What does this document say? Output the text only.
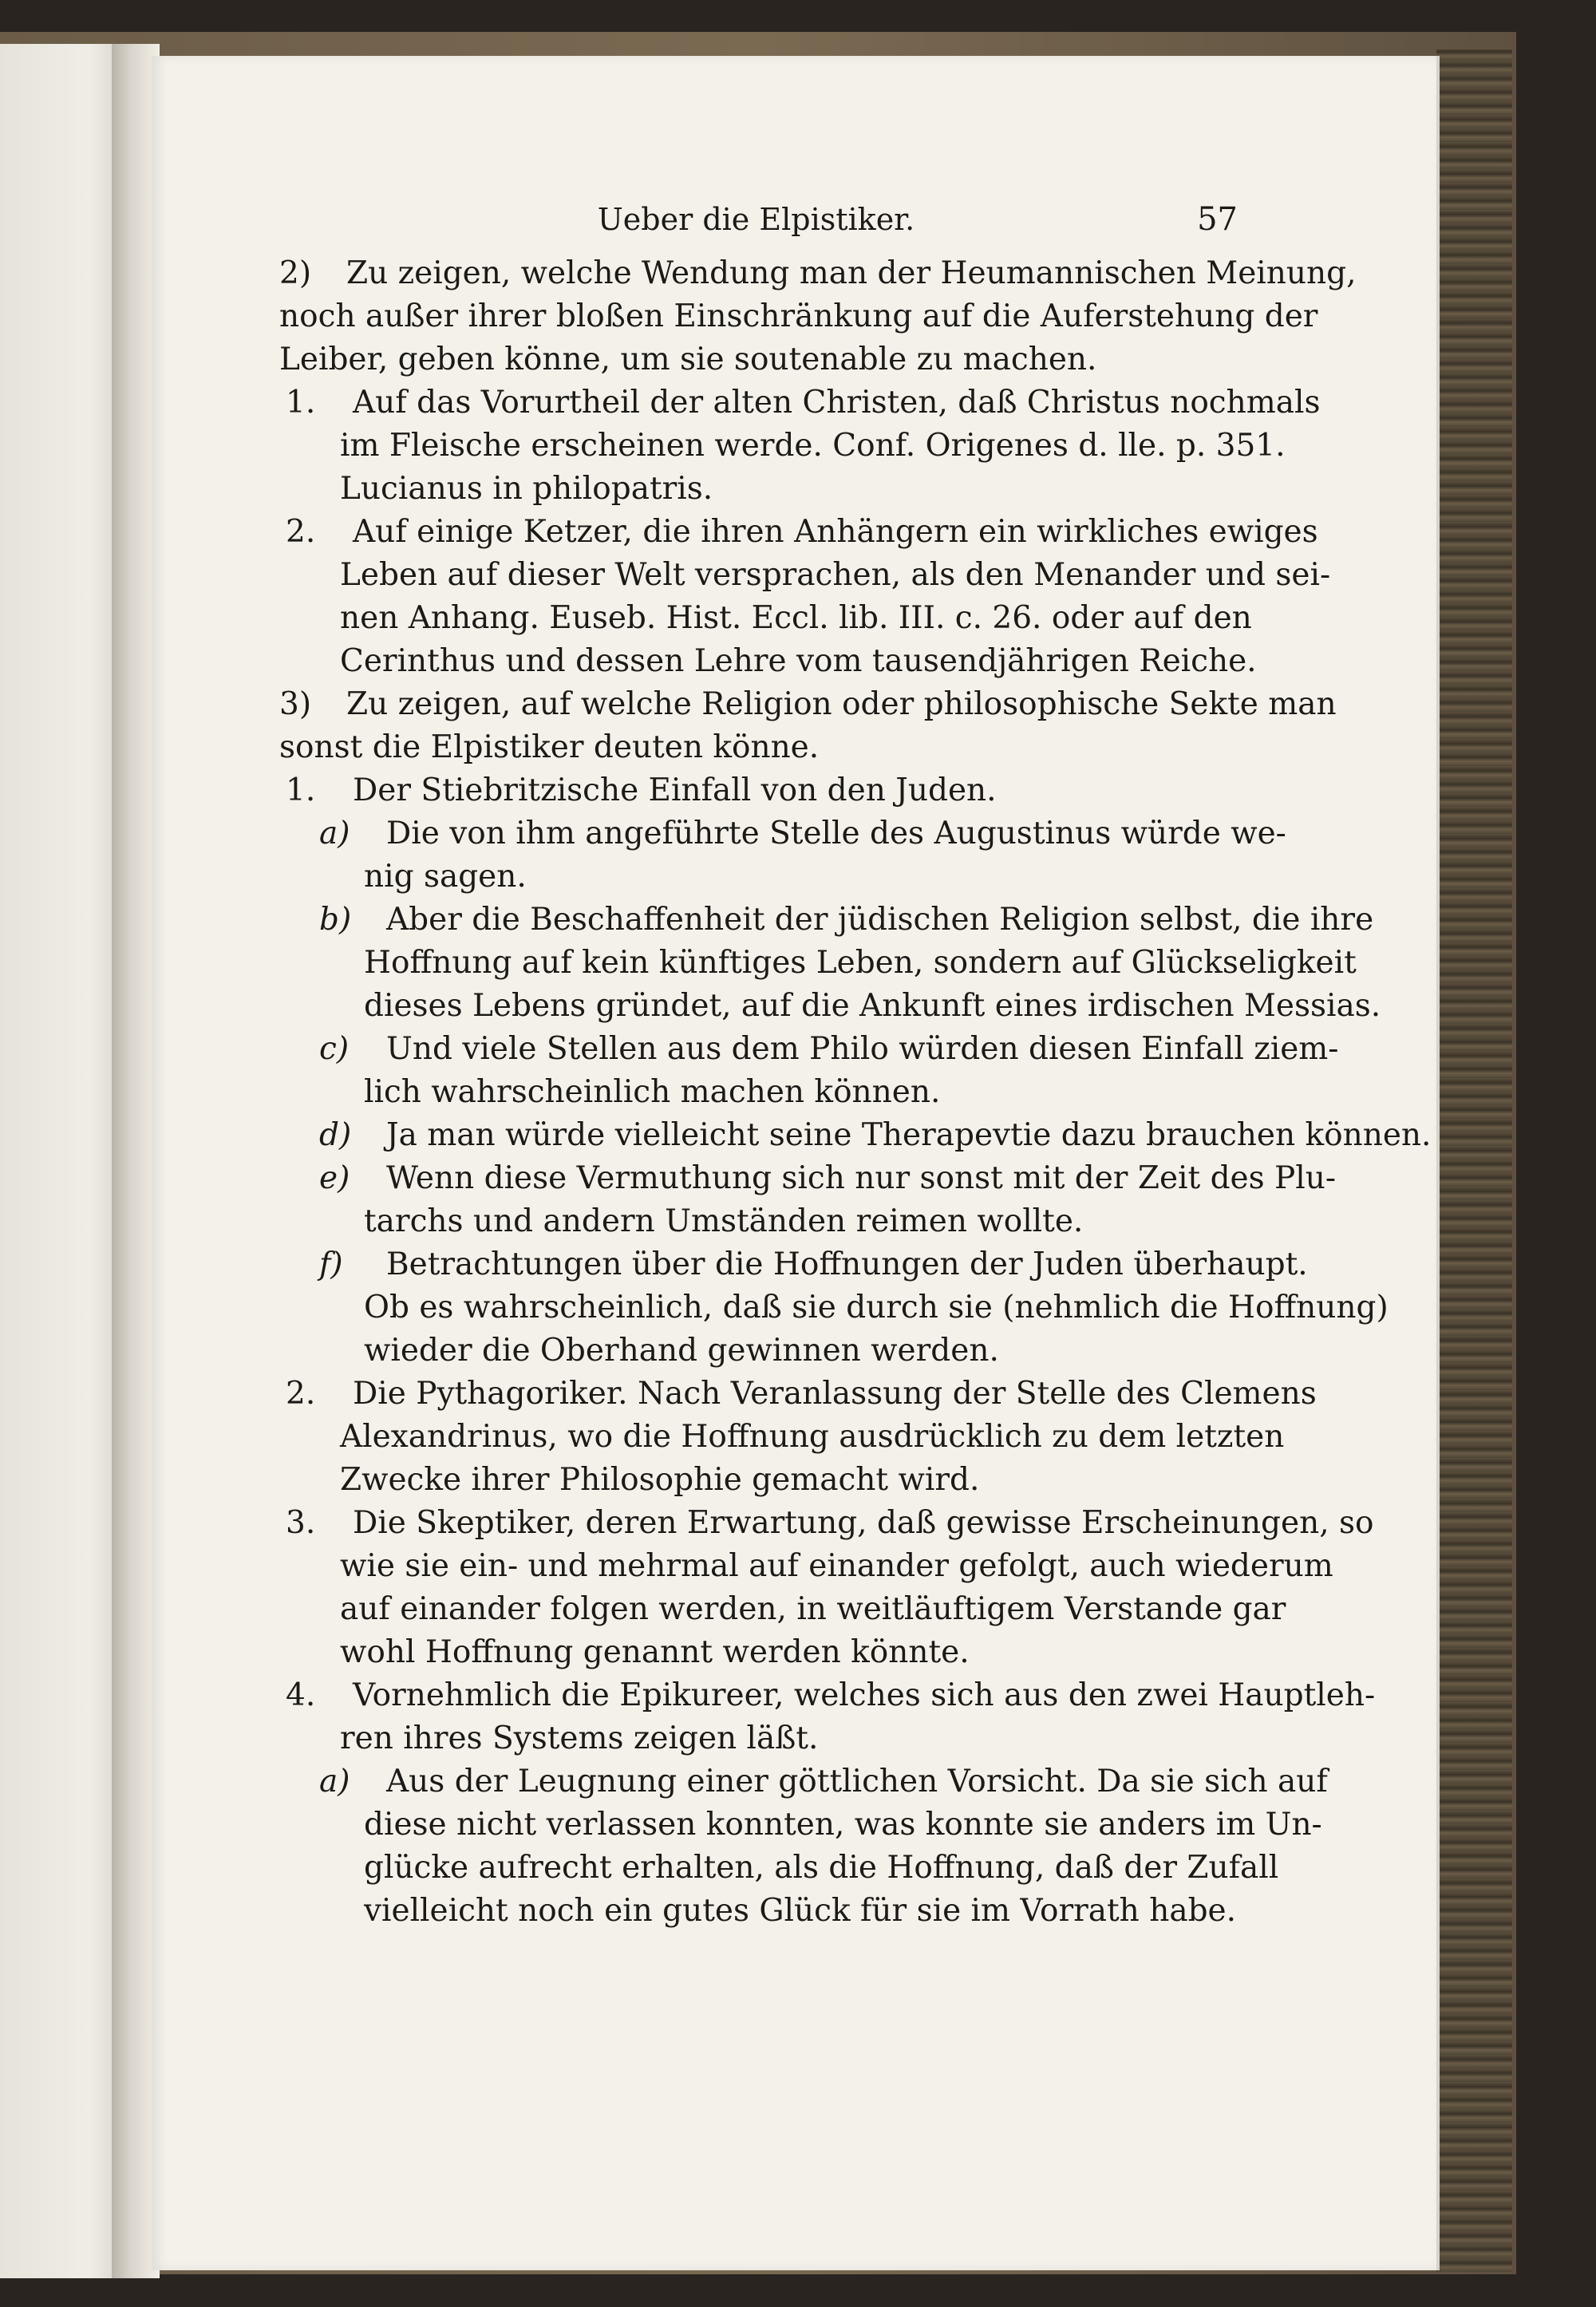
Ueber die Elpistiker.	57
2)	Zu zeigen, welche Wendung man der Heumannischen Meinung,
noch außer ihrer bloßen Einschränkung auf die Auferstehung der
Leiber, geben könne, um sie soutenable zu machen.
1.	Auf das Vorurtheil der alten Christen, daß Christus nochmals
im Fleische erscheinen werde. Conf. Origenes d. lle. p. 351.
Lucianus in philopatris.
2.	Auf einige Ketzer, die ihren Anhängern ein wirkliches ewiges
Leben auf dieser Welt versprachen, als den Menander und sei-
nen Anhang. Euseb. Hist. Eccl. lib. III. c. 26. oder auf den
Cerinthus und dessen Lehre vom tausendjährigen Reiche.
3)	Zu zeigen, auf welche Religion oder philosophische Sekte man
sonst die Elpistiker deuten könne.
1.	Der Stiebritzische Einfall von den Juden.
a)	Die von ihm angeführte Stelle des Augustinus würde we-
nig sagen.
b)	Aber die Beschaffenheit der jüdischen Religion selbst, die ihre
Hoffnung auf kein künftiges Leben, sondern auf Glückseligkeit
dieses Lebens gründet, auf die Ankunft eines irdischen Messias.
c)	Und viele Stellen aus dem Philo würden diesen Einfall ziem-
lich wahrscheinlich machen können.
d)	Ja man würde vielleicht seine Therapevtie dazu brauchen können.
e)	Wenn diese Vermuthung sich nur sonst mit der Zeit des Plu-
tarchs und andern Umständen reimen wollte.
f)	Betrachtungen über die Hoffnungen der Juden überhaupt.
Ob es wahrscheinlich, daß sie durch sie (nehmlich die Hoffnung)
wieder die Oberhand gewinnen werden.
2.	Die Pythagoriker. Nach Veranlassung der Stelle des Clemens
Alexandrinus, wo die Hoffnung ausdrücklich zu dem letzten
Zwecke ihrer Philosophie gemacht wird.
3.	Die Skeptiker, deren Erwartung, daß gewisse Erscheinungen, so
wie sie ein- und mehrmal auf einander gefolgt, auch wiederum
auf einander folgen werden, in weitläuftigem Verstande gar
wohl Hoffnung genannt werden könnte.
4.	Vornehmlich die Epikureer, welches sich aus den zwei Hauptleh-
ren ihres Systems zeigen läßt.
a)	Aus der Leugnung einer göttlichen Vorsicht. Da sie sich auf
diese nicht verlassen konnten, was konnte sie anders im Un-
glücke aufrecht erhalten, als die Hoffnung, daß der Zufall
vielleicht noch ein gutes Glück für sie im Vorrath habe.
